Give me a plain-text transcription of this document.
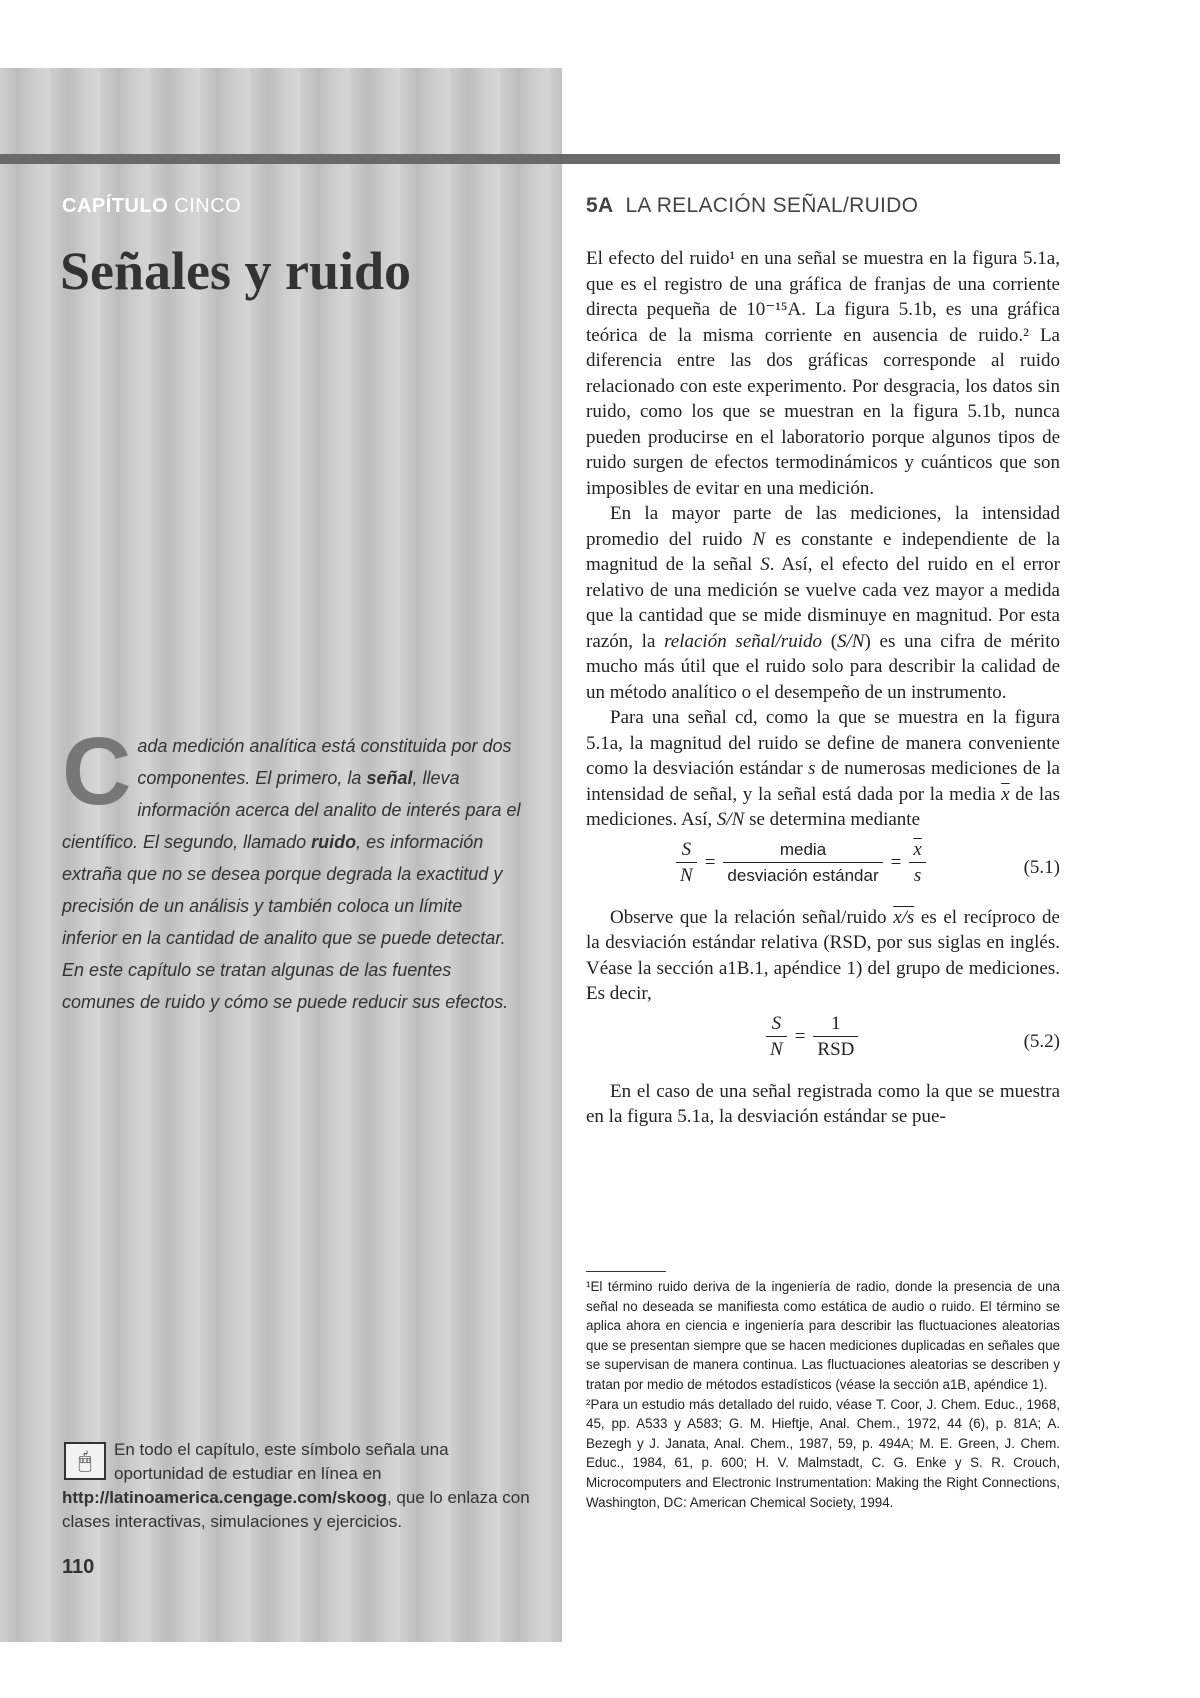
CAPÍTULO CINCO
Señales y ruido
Cada medición analítica está constituida por dos componentes. El primero, la señal, lleva información acerca del analito de interés para el científico. El segundo, llamado ruido, es información extraña que no se desea porque degrada la exactitud y precisión de un análisis y también coloca un límite inferior en la cantidad de analito que se puede detectar. En este capítulo se tratan algunas de las fuentes comunes de ruido y cómo se puede reducir sus efectos.
🖱	En todo el capítulo, este símbolo señala una oportunidad de estudiar en línea en
http://latinoamerica.cengage.com/skoog, que lo enlaza con clases interactivas, simulaciones y ejercicios.
110
5A LA RELACIÓN SEÑAL/RUIDO

El efecto del ruido¹ en una señal se muestra en la figura 5.1a, que es el registro de una gráfica de franjas de una corriente directa pequeña de 10⁻¹⁵A. La figura 5.1b, es una gráfica teórica de la misma corriente en ausencia de ruido.² La diferencia entre las dos gráficas corresponde al ruido relacionado con este experimento. Por desgracia, los datos sin ruido, como los que se muestran en la figura 5.1b, nunca pueden producirse en el laboratorio porque algunos tipos de ruido surgen de efectos termodinámicos y cuánticos que son imposibles de evitar en una medición.

En la mayor parte de las mediciones, la intensidad promedio del ruido N es constante e independiente de la magnitud de la señal S. Así, el efecto del ruido en el error relativo de una medición se vuelve cada vez mayor a medida que la cantidad que se mide disminuye en magnitud. Por esta razón, la relación señal/ruido (S/N) es una cifra de mérito mucho más útil que el ruido solo para describir la calidad de un método analítico o el desempeño de un instrumento.

Para una señal cd, como la que se muestra en la figura 5.1a, la magnitud del ruido se define de manera conveniente como la desviación estándar s de numerosas mediciones de la intensidad de señal, y la señal está dada por la media $\overline{x}$ de las mediciones. Así, S/N se determina mediante

$\frac{S}{N} = \frac{\text{media}}{\text{desviación estándar}} = \frac{\overline{x}}{s}$	(5.1)

Observe que la relación señal/ruido x/s es el recíproco de la desviación estándar relativa (RSD, por sus siglas en inglés. Véase la sección a1B.1, apéndice 1) del grupo de mediciones. Es decir,

$\frac{S}{N} = \frac{1}{\text{RSD}}$	(5.2)

En el caso de una señal registrada como la que se muestra en la figura 5.1a, la desviación estándar se pue-

¹El término ruido deriva de la ingeniería de radio, donde la presencia de una señal no deseada se manifiesta como estática de audio o ruido. El término se aplica ahora en ciencia e ingeniería para describir las fluctuaciones aleatorias que se presentan siempre que se hacen mediciones duplicadas en señales que se supervisan de manera continua. Las fluctuaciones aleatorias se describen y tratan por medio de métodos estadísticos (véase la sección a1B, apéndice 1).

²Para un estudio más detallado del ruido, véase T. Coor, J. Chem. Educ., 1968, 45, pp. A533 y A583; G. M. Hieftje, Anal. Chem., 1972, 44 (6), p. 81A; A. Bezegh y J. Janata, Anal. Chem., 1987, 59, p. 494A; M. E. Green, J. Chem. Educ., 1984, 61, p. 600; H. V. Malmstadt, C. G. Enke y S. R. Crouch, Microcomputers and Electronic Instrumentation: Making the Right Connections, Washington, DC: American Chemical Society, 1994.
